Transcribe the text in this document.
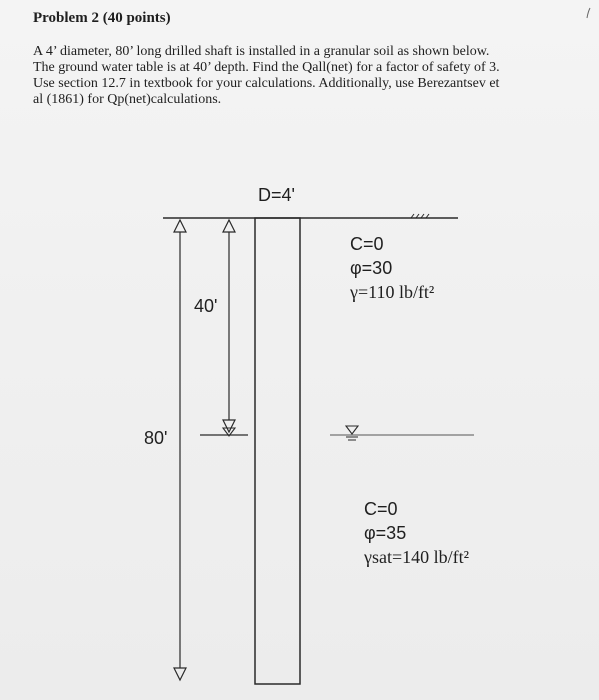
Problem 2 (40 points)
A 4’ diameter, 80’ long drilled shaft is installed in a granular soil as shown below.
The ground water table is at 40’ depth. Find the Qall(net) for a factor of safety of 3.
Use section 12.7 in textbook for your calculations. Additionally, use Berezantsev et
al (1861) for Qp(net)calculations.
D=4'
40'
80'
C=0
φ=30
γ=110 lb/ft²
C=0
φ=35
γsat=140 lb/ft²
